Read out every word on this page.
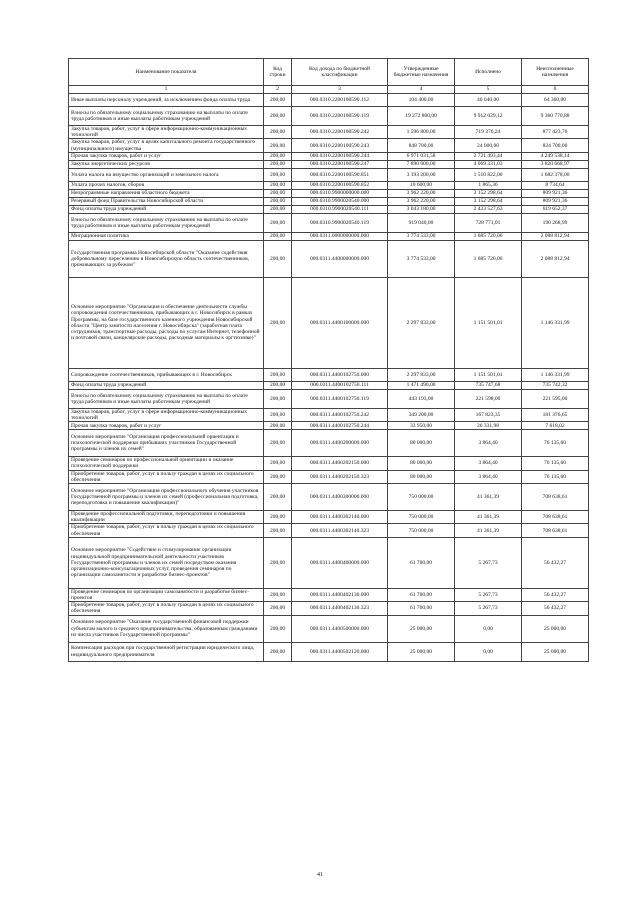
Наименование показателя	Код строки	Код дохода по бюджетной классификации	Утвержденные бюджетные назначения	Исполнено	Неисполненные назначения
1	2	3	4	5	6
Иные выплаты персоналу учреждений, за исключением фонда оплаты труда	200,00	000.0310.2200100590.112	104 400,00	40 040,00	64 360,00
Взносы по обязательному социальному страхованию на выплаты по оплате труда работников и иные выплаты работникам учреждений	200,00	000.0310.2200100590.119	19 272 800,00	9 912 029,12	9 360 770,88
Закупка товаров, работ, услуг в сфере информационно-коммуникационных технологий	200,00	000.0310.2200100590.242	1 596 800,00	719 376,24	877 423,76
Закупка товаров, работ, услуг в целях капитального ремонта государственного (муниципального) имущества	200,00	000.0310.2200100590.243	848 700,00	24 000,00	824 700,00
Прочая закупка товаров, работ и услуг	200,00	000.0310.2200100590.244	6 971 031,58	2 721 493,44	4 249 538,14
Закупка энергетических ресурсов	200,00	000.0310.2200100590.247	7 890 000,00	4 069 331,03	3 820 668,97
Уплата налога на имущество организаций и земельного налога	200,00	000.0310.2200100590.851	3 193 200,00	1 510 822,00	1 682 378,00
Уплата прочих налогов, сборов	200,00	000.0310.2200100590.852	10 600,00	1 865,36	8 734,64
Непрограммные направления областного бюджета	200,00	000.0310.9900000000.000	3 962 220,00	3 152 298,64	809 921,36
Резервный фонд Правительства Новосибирской области	200,00	000.0310.9900020540.000	3 962 220,00	3 152 298,64	809 921,36
Фонд оплаты труда учреждений	200,00	000.0310.9900020540.111	3 043 180,00	2 423 527,63	619 652,37
Взносы по обязательному социальному страхованию на выплаты по оплате труда работников и иные выплаты работникам учреждений	200,00	000.0310.9900020540.119	919 040,00	728 771,01	190 268,99
Миграционная политика	200,00	000.0311.0000000000.000	3 774 533,00	1 685 720,06	2 088 812,94
Государственная программа Новосибирской области "Оказание содействия добровольному переселению в Новосибирскую область соотечественников, проживающих за рубежом"	200,00	000.0311.4400000000.000	3 774 533,00	1 685 720,06	2 088 812,94
Основное мероприятие "Организация и обеспечение деятельности службы сопровождения соотечественников, прибывающих в г. Новосибирск в рамках Программы, на базе государственного казенного учреждения Новосибирской области "Центр занятости населения г. Новосибирска" (заработная плата сотрудников, транспортные расходы, расходы по услугам Интернет, телефонной и почтовой связи, канцелярские расходы, расходные материалы к оргтехнике)"	200,00	000.0311.4400100000.000	2 297 833,00	1 151 501,01	1 146 331,99
Сопровождение соотечественников, прибывающих в г. Новосибирск	200,00	000.0311.4400102750.000	2 297 833,00	1 151 501,01	1 146 331,99
Фонд оплаты труда учреждений	200,00	000.0311.4400102750.111	1 471 490,00	735 747,68	735 742,32
Взносы по обязательному социальному страхованию на выплаты по оплате труда работников и иные выплаты работникам учреждений	200,00	000.0311.4400102750.119	443 193,00	221 598,00	221 595,00
Закупка товаров, работ, услуг в сфере информационно-коммуникационных технологий	200,00	000.0311.4400102750.242	349 200,00	167 823,35	181 376,65
Прочая закупка товаров, работ и услуг	200,00	000.0311.4400102750.244	33 950,00	26 331,98	7 618,02
Основное мероприятие "Организация профессиональной ориентации и психологической поддержки прибывших участников Государственной программы и членов их семей"	200,00	000.0311.4400200000.000	80 000,00	3 864,40	76 135,60
Проведение семинаров по профессиональной ориентации и оказание психологической поддержки	200,00	000.0311.4400202150.000	80 000,00	3 864,40	76 135,60
Приобретение товаров, работ, услуг в пользу граждан в целях их социального обеспечения	200,00	000.0311.4400202150.323	80 000,00	3 864,40	76 135,60
Основное мероприятие "Организация профессионального обучения участников Государственной программы и членов их семей (профессиональная подготовка, переподготовка и повышение квалификации)"	200,00	000.0311.4400300000.000	750 000,00	41 361,39	708 638,61
Проведение профессиональной подготовки, переподготовки и повышения квалификации	200,00	000.0311.4400302140.000	750 000,00	41 361,39	708 638,61
Приобретение товаров, работ, услуг в пользу граждан в целях их социального обеспечения	200,00	000.0311.4400302140.323	750 000,00	41 361,39	708 638,61
Основное мероприятие "Содействие и стимулирование организации индивидуальной предпринимательской деятельности участников Государственной программы и членов их семей посредством оказания организационно-консультационных услуг, проведения семинаров по организации самозанятости и разработке бизнес-проектов"	200,00	000.0311.4400400000.000	61 700,00	5 267,73	56 432,27
Проведение семинаров по организации самозанятости и разработке бизнес-проектов	200,00	000.0311.4400402130.000	61 700,00	5 267,73	56 432,27
Приобретение товаров, работ, услуг в пользу граждан в целях их социального обеспечения	200,00	000.0311.4400402130.323	61 700,00	5 267,73	56 432,27
Основное мероприятие "Оказание государственной финансовой поддержки субъектам малого и среднего предпринимательства, образованным гражданами из числа участников Государственной программы"	200,00	000.0311.4400500000.000	25 000,00	0,00	25 000,00
Компенсация расходов при государственной регистрации юридического лица, индивидуального предпринимателя	200,00	000.0311.4400502120.000	25 000,00	0,00	25 000,00
41
